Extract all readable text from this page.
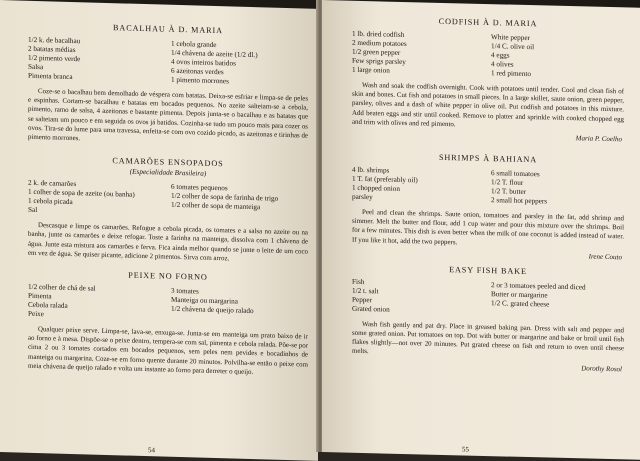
BACALHAU À D. MARIA
1/2 k. de bacalhau	1 cebola grande
2 batatas médias	1/4 chávena de azeite (1/2 dl.)
1/2 pimento verde	4 ovos inteiros batidos
Salsa	6 azeitonas verdes
Pimenta branca	1 pimento morrones

Coze-se o bacalhau bem demolhado de véspera com batatas. Deixa-se esfriar e limpa-se de peles e espinhas. Cortam-se bacalhau e batatas em bocados pequenos. No azeite salteiam-se a cebola, pimento, ramo de salsa, 4 azeitonas e bastante pimenta. Depois junta-se o bacalhau e as batatas que se salteiam um pouco e em seguida os ovos já batidos. Cozinha-se tudo um pouco mais para cozer os ovos. Tira-se do lume para uma travessa, enfeita-se com ovo cozido picado, as azeitonas e tirinhas de pimento morrones.

CAMARÕES ENSOPADOS
(Especialidade Brasileira)
2 k. de camarões	6 tomates pequenos
1 colher de sopa de azeite (ou banha)	1/2 colher de sopa de farinha de trigo
1 cebola picada	1/2 colher de sopa de manteiga
Sal

Descasque e limpe os camarões. Refogue a cebola picada, os tomates e a salsa no azeite ou na banha, junte os camarões e deixe refogar. Toste a farinha na manteiga, dissolva com 1 chávena de água. Junte esta mistura aos camarões e ferva. Fica ainda melhor quando se junte o leite de um coco em vez de água. Se quiser picante, adicione 2 pimentos. Sirva com arroz.

PEIXE NO FORNO
1/2 colher de chá de sal	3 tomates
Pimenta	Manteiga ou margarina
Cebola ralada	1/2 chávena de queijo ralado
Peixe

Qualquer peixe serve. Limpa-se, lava-se, enxuga-se. Junta-se em manteiga um prato baixo de ir ao forno e à mesa. Dispõe-se o peixe dentro, tempera-se com sal, pimenta e cebola ralada. Põe-se por cima 2 ou 3 tomates cortados em bocados pequenos, sem peles nem pevides e bocadinhos de manteiga ou margarina. Coze-se em forno quente durante 20 minutos. Polvilha-se então o peixe com meia chávena de queijo ralado e volta um instante ao forno para derreter o queijo.

54
CODFISH À D. MARIA
1 lb. dried codfish	White pepper
2 medium potatoes	1/4 C. olive oil
1/2 green pepper	4 eggs
Few sprigs parsley	4 olives
1 large onion	1 red pimento

Wash and soak the codfish overnight. Cook with potatoes until tender. Cool and clean fish of skin and bones. Cut fish and potatoes in small pieces. In a large skillet, saute onion, green pepper, parsley, olives and a dash of white pepper in olive oil. Put codfish and potatoes in this mixture. Add beaten eggs and stir until cooked. Remove to platter and sprinkle with cooked chopped egg and trim with olives and red pimento.

Maria P. Coelho
SHRIMPS À BAHIANA
4 lb. shrimps	6 small tomatoes
1 T. fat (preferably oil)	1/2 T. flour
1 chopped onion	1/2 T. butter
parsley	2 small hot peppers

Peel and clean the shrimps. Saute onion, tomatoes and parsley in the fat, add shrimp and simmer. Melt the butter and flour, add 1 cup water and pour this mixture over the shrimps. Boil for a few minutes. This dish is even better when the milk of one coconut is added instead of water. If you like it hot, add the two peppers.

Irene Couto
EASY FISH BAKE
Fish	2 or 3 tomatoes peeled and diced
1/2 t. salt	Butter or margarine
Pepper	1/2 C. grated cheese
Grated onion

Wash fish gently and pat dry. Place in greased baking pan. Dress with salt and pepper and some grated onion. Put tomatoes on top. Dot with butter or margarine and bake or broil until fish flakes slightly—not over 20 minutes. Put grated cheese on fish and return to oven until cheese melts.

Dorothy Rosol
55
